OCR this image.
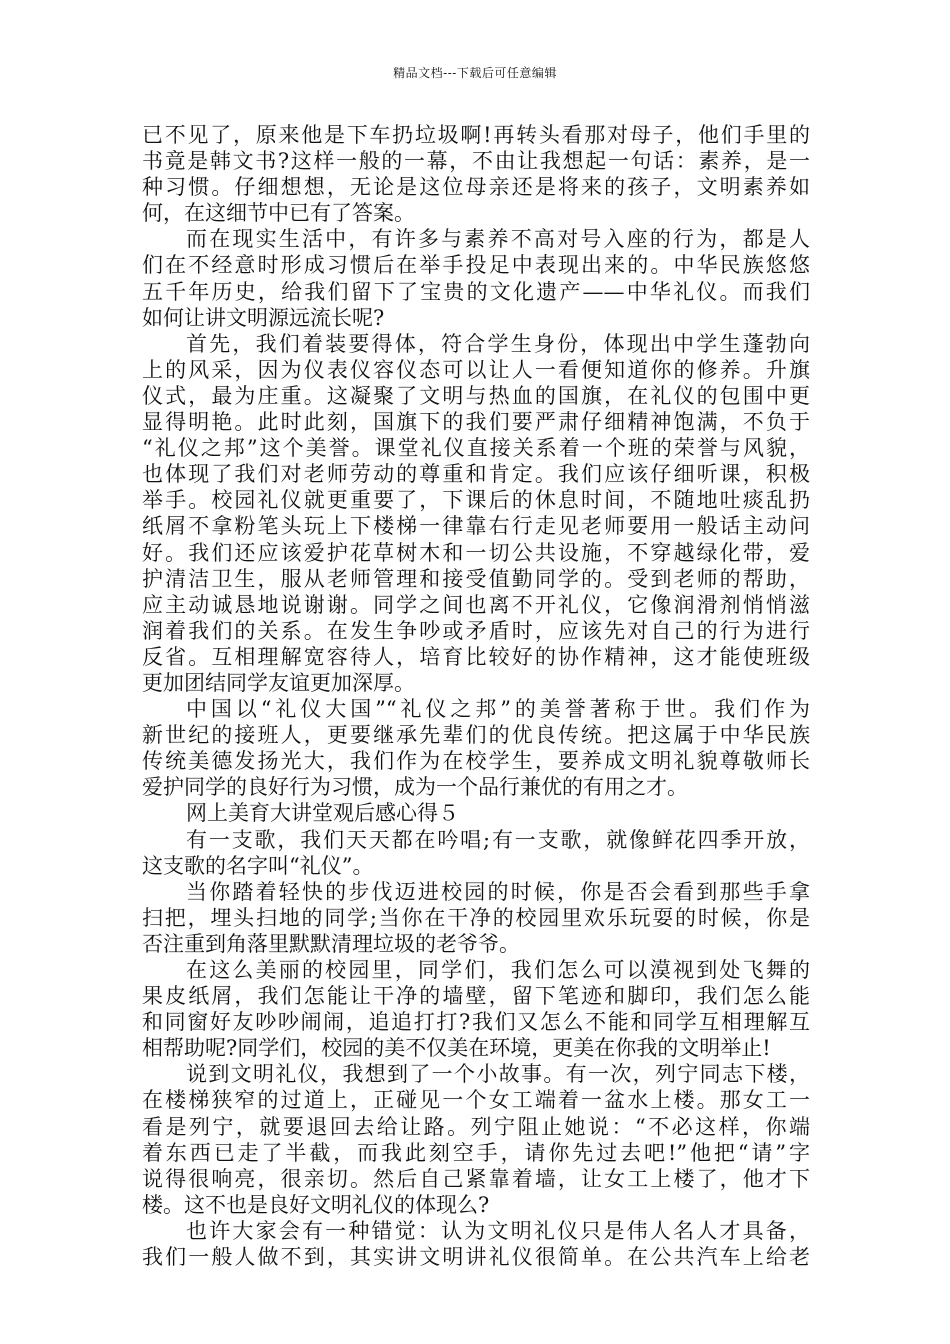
精品文档---下载后可任意编辑
已不见了，原来他是下车扔垃圾啊!再转头看那对母子，他们手里的
书竟是韩文书?这样一般的一幕，不由让我想起一句话：素养，是一
种习惯。仔细想想，无论是这位母亲还是将来的孩子，文明素养如
何，在这细节中已有了答案。
而在现实生活中，有许多与素养不高对号入座的行为，都是人
们在不经意时形成习惯后在举手投足中表现出来的。中华民族悠悠
五千年历史，给我们留下了宝贵的文化遗产——中华礼仪。而我们
如何让讲文明源远流长呢?
首先，我们着装要得体，符合学生身份，体现出中学生蓬勃向
上的风采，因为仪表仪容仪态可以让人一看便知道你的修养。升旗
仪式，最为庄重。这凝聚了文明与热血的国旗，在礼仪的包围中更
显得明艳。此时此刻，国旗下的我们要严肃仔细精神饱满，不负于
“礼仪之邦”这个美誉。课堂礼仪直接关系着一个班的荣誉与风貌，
也体现了我们对老师劳动的尊重和肯定。我们应该仔细听课，积极
举手。校园礼仪就更重要了，下课后的休息时间，不随地吐痰乱扔
纸屑不拿粉笔头玩上下楼梯一律靠右行走见老师要用一般话主动问
好。我们还应该爱护花草树木和一切公共设施，不穿越绿化带，爱
护清洁卫生，服从老师管理和接受值勤同学的。受到老师的帮助，
应主动诚恳地说谢谢。同学之间也离不开礼仪，它像润滑剂悄悄滋
润着我们的关系。在发生争吵或矛盾时，应该先对自己的行为进行
反省。互相理解宽容待人，培育比较好的协作精神，这才能使班级
更加团结同学友谊更加深厚。
中国以“礼仪大国”“礼仪之邦”的美誉著称于世。我们作为
新世纪的接班人，更要继承先辈们的优良传统。把这属于中华民族
传统美德发扬光大，我们作为在校学生，要养成文明礼貌尊敬师长
爱护同学的良好行为习惯，成为一个品行兼优的有用之才。
网上美育大讲堂观后感心得５
有一支歌，我们天天都在吟唱;有一支歌，就像鲜花四季开放，
这支歌的名字叫“礼仪”。
当你踏着轻快的步伐迈进校园的时候，你是否会看到那些手拿
扫把，埋头扫地的同学;当你在干净的校园里欢乐玩耍的时候，你是
否注重到角落里默默清理垃圾的老爷爷。
在这么美丽的校园里，同学们，我们怎么可以漠视到处飞舞的
果皮纸屑，我们怎能让干净的墙壁，留下笔迹和脚印，我们怎么能
和同窗好友吵吵闹闹，追追打打?我们又怎么不能和同学互相理解互
相帮助呢?同学们，校园的美不仅美在环境，更美在你我的文明举止!
说到文明礼仪，我想到了一个小故事。有一次，列宁同志下楼，
在楼梯狭窄的过道上，正碰见一个女工端着一盆水上楼。那女工一
看是列宁，就要退回去给让路。列宁阻止她说：“不必这样，你端
着东西已走了半截，而我此刻空手，请你先过去吧!”他把“请”字
说得很响亮，很亲切。然后自己紧靠着墙，让女工上楼了，他才下
楼。这不也是良好文明礼仪的体现么?
也许大家会有一种错觉：认为文明礼仪只是伟人名人才具备，
我们一般人做不到，其实讲文明讲礼仪很简单。在公共汽车上给老
